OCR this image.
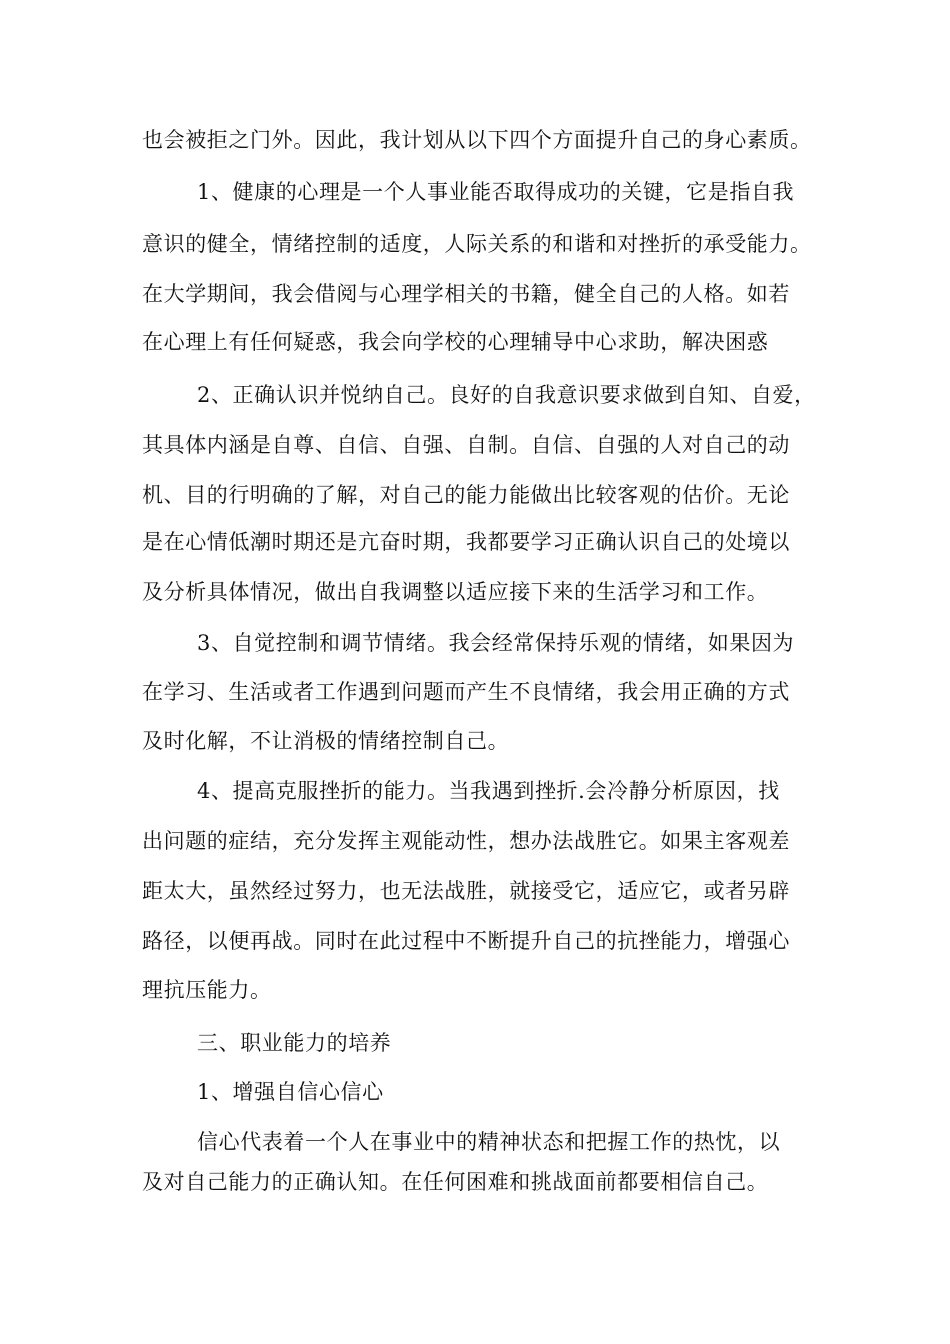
也会被拒之门外。因此，我计划从以下四个方面提升自己的身心素质。
1、健康的心理是一个人事业能否取得成功的关键，它是指自我
意识的健全，情绪控制的适度，人际关系的和谐和对挫折的承受能力。
在大学期间，我会借阅与心理学相关的书籍，健全自己的人格。如若
在心理上有任何疑惑，我会向学校的心理辅导中心求助，解决困惑
2、正确认识并悦纳自己。良好的自我意识要求做到自知、自爱，
其具体内涵是自尊、自信、自强、自制。自信、自强的人对自己的动
机、目的行明确的了解，对自己的能力能做出比较客观的估价。无论
是在心情低潮时期还是亢奋时期，我都要学习正确认识自己的处境以
及分析具体情况，做出自我调整以适应接下来的生活学习和工作。
3、自觉控制和调节情绪。我会经常保持乐观的情绪，如果因为
在学习、生活或者工作遇到问题而产生不良情绪，我会用正确的方式
及时化解，不让消极的情绪控制自己。
4、提高克服挫折的能力。当我遇到挫折.会冷静分析原因，找
出问题的症结，充分发挥主观能动性，想办法战胜它。如果主客观差
距太大，虽然经过努力，也无法战胜，就接受它，适应它，或者另辟
路径，以便再战。同时在此过程中不断提升自己的抗挫能力，增强心
理抗压能力。
三、职业能力的培养
1、增强自信心信心
信心代表着一个人在事业中的精神状态和把握工作的热忱，以
及对自己能力的正确认知。在任何困难和挑战面前都要相信自己。
